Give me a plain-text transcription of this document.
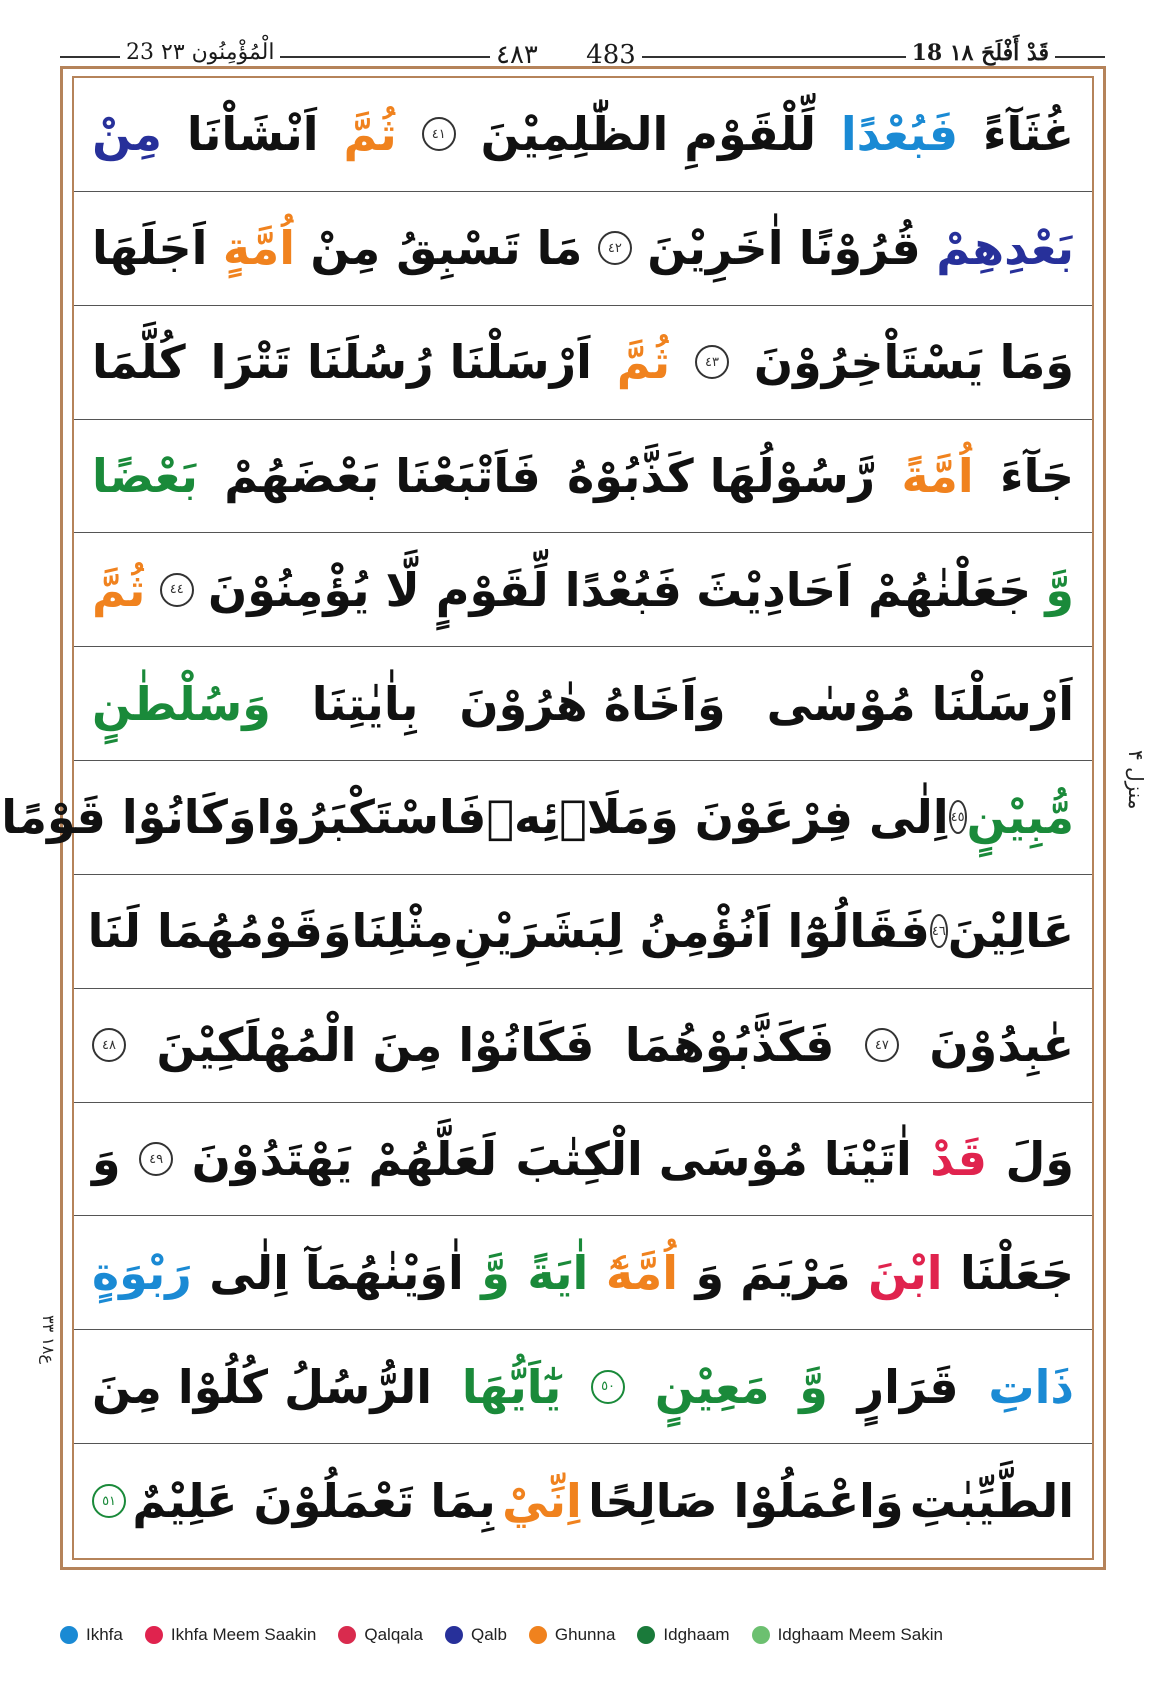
18 قَدْ أَفْلَحَ ١٨
٤٨٣ 483
23 الْمُؤْمِنُون ٢٣
غُثَآءً
فَبُعْدًا
لِّلْقَوْمِ الظّٰلِمِيْنَ
٤١
ثُمَّ
اَنْشَاْنَا
مِنْ
بَعْدِهِمْ
قُرُوْنًا
اٰخَرِيْنَ
٤٢
مَا تَسْبِقُ مِنْ
اُمَّةٍ
اَجَلَهَا
وَمَا يَسْتَاْخِرُوْنَ
٤٣
ثُمَّ
اَرْسَلْنَا رُسُلَنَا تَتْرَا
كُلَّمَا
جَآءَ
اُمَّةً
رَّسُوْلُهَا كَذَّبُوْهُ
فَاَتْبَعْنَا بَعْضَهُمْ
بَعْضًا
وَّ
جَعَلْنٰهُمْ اَحَادِيْثَ
فَبُعْدًا لِّقَوْمٍ لَّا يُؤْمِنُوْنَ
٤٤
ثُمَّ
اَرْسَلْنَا مُوْسٰى
وَاَخَاهُ هٰرُوْنَ
بِاٰيٰتِنَا
وَسُلْطٰنٍ
مُّبِيْنٍ
٤٥
اِلٰى فِرْعَوْنَ وَمَلَا۟ئِهٖ
فَاسْتَكْبَرُوْا
وَكَانُوْا قَوْمًا
عَالِيْنَ
٤٦
فَقَالُوْٓا اَنُؤْمِنُ لِبَشَرَيْنِ
مِثْلِنَا
وَقَوْمُهُمَا لَنَا
عٰبِدُوْنَ
٤٧
فَكَذَّبُوْهُمَا
فَكَانُوْا مِنَ الْمُهْلَكِيْنَ
٤٨
وَلَ
قَدْ
اٰتَيْنَا مُوْسَى الْكِتٰبَ
لَعَلَّهُمْ يَهْتَدُوْنَ
٤٩
وَ
جَعَلْنَا
ابْنَ
مَرْيَمَ وَ
اُمَّهٗٓ
اٰيَةً
وَّ
اٰوَيْنٰهُمَآ اِلٰى
رَبْوَةٍ
ذَاتِ
قَرَارٍ
وَّ
مَعِيْنٍ
٥٠
يٰٓاَيُّهَا
الرُّسُلُ كُلُوْا مِنَ
الطَّيِّبٰتِ
وَاعْمَلُوْا صَالِحًا
اِنِّيْ
بِمَا تَعْمَلُوْنَ عَلِيْمٌ
٥١
منزل ۴
۳ع۱۸ ۳
Ikhfa	Ikhfa Meem Saakin	Qalqala	Qalb	Ghunna	Idghaam	Idghaam Meem Sakin
